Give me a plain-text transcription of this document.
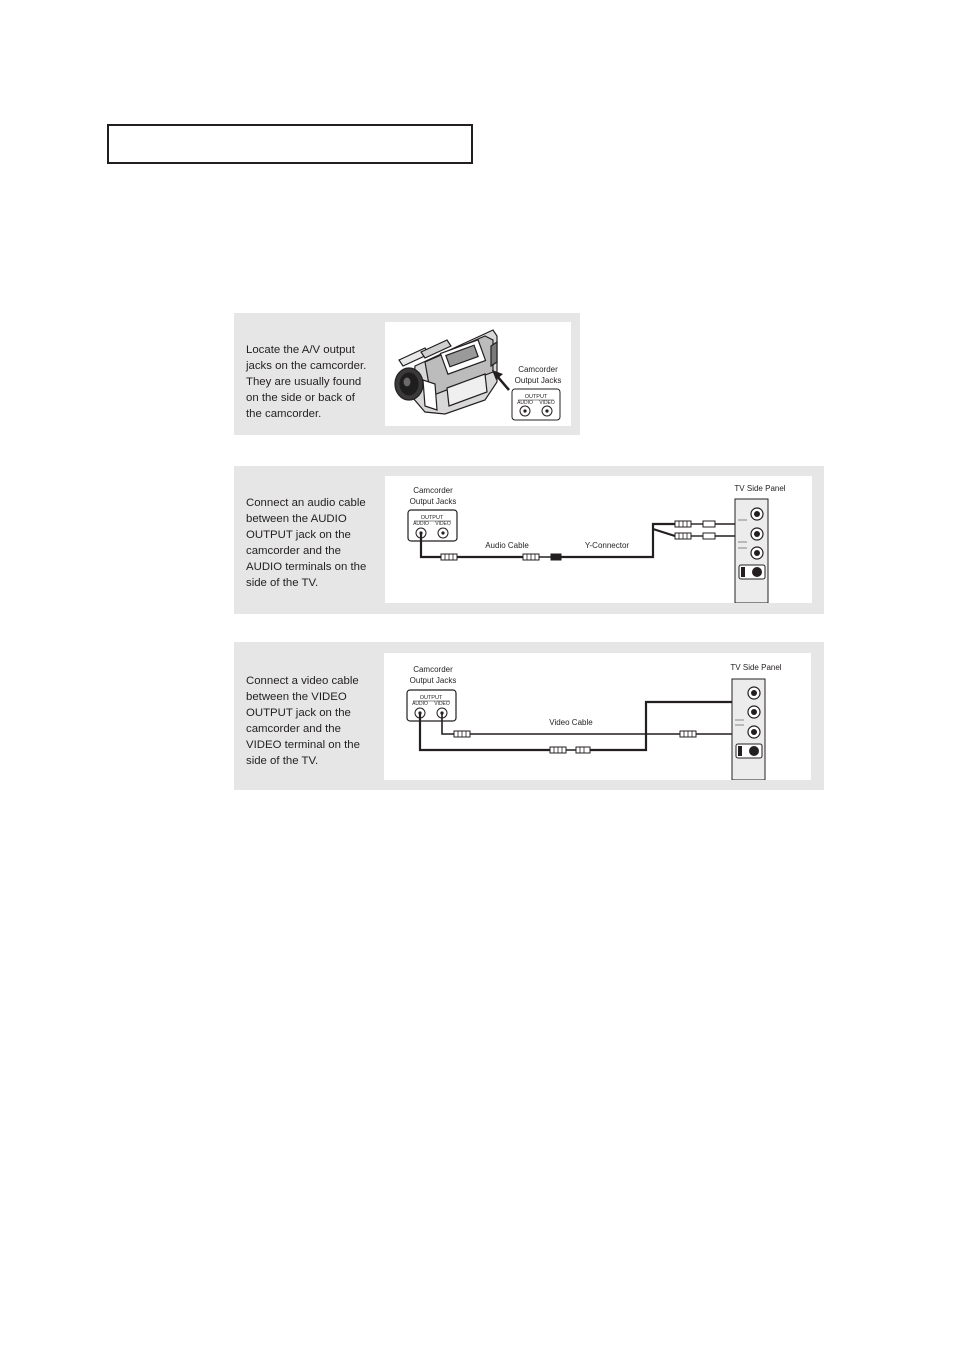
Locate the A/V output
jacks on the camcorder.
They are usually found
on the side or back of
the camcorder.
Camcorder
Output Jacks
OUTPUT
AUDIO VIDEO
Connect an audio cable
between the AUDIO
OUTPUT jack on the
camcorder and the
AUDIO terminals on the
side of the TV.
Camcorder
Output Jacks
OUTPUT
AUDIO VIDEO
Audio Cable	Y-Connector
TV Side Panel
Connect a video cable
between the VIDEO
OUTPUT jack on the
camcorder and the
VIDEO terminal on the
side of the TV.
Camcorder
Output Jacks
OUTPUT
AUDIO VIDEO
Video Cable
TV Side Panel
